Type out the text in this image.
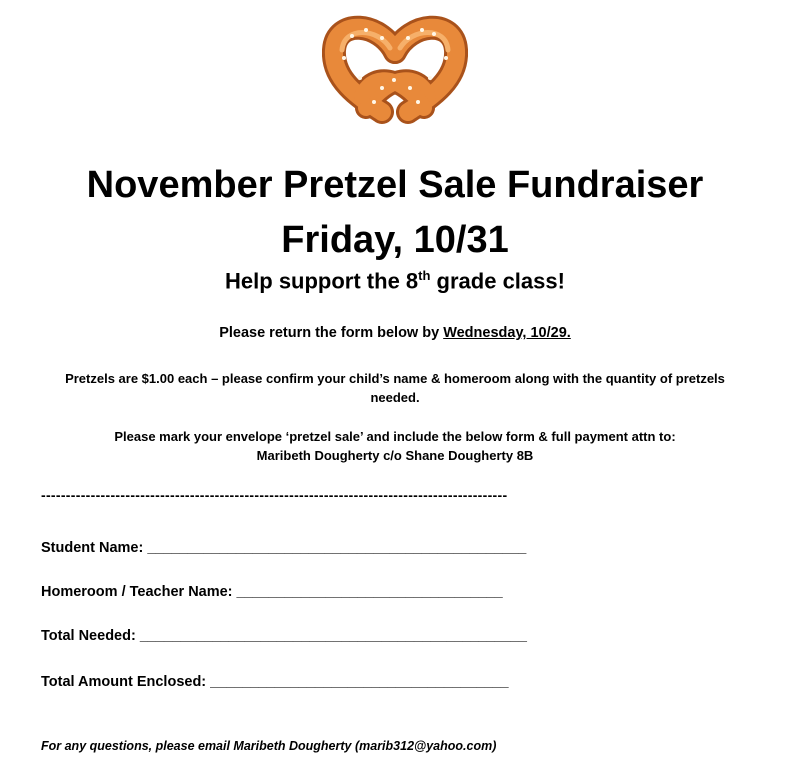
November Pretzel Sale Fundraiser
Friday, 10/31
Help support the 8th grade class!
Please return the form below by Wednesday, 10/29.
Pretzels are $1.00 each – please confirm your child’s name & homeroom along with the quantity of pretzels
needed.
Please mark your envelope ‘pretzel sale’ and include the below form & full payment attn to:
Maribeth Dougherty c/o Shane Dougherty 8B
----------------------------------------------------------------------------------------------
Student Name: _______________________________________________
Homeroom / Teacher Name: _________________________________
Total Needed: ________________________________________________
Total Amount Enclosed: _____________________________________
For any questions, please email Maribeth Dougherty (marib312@yahoo.com)
